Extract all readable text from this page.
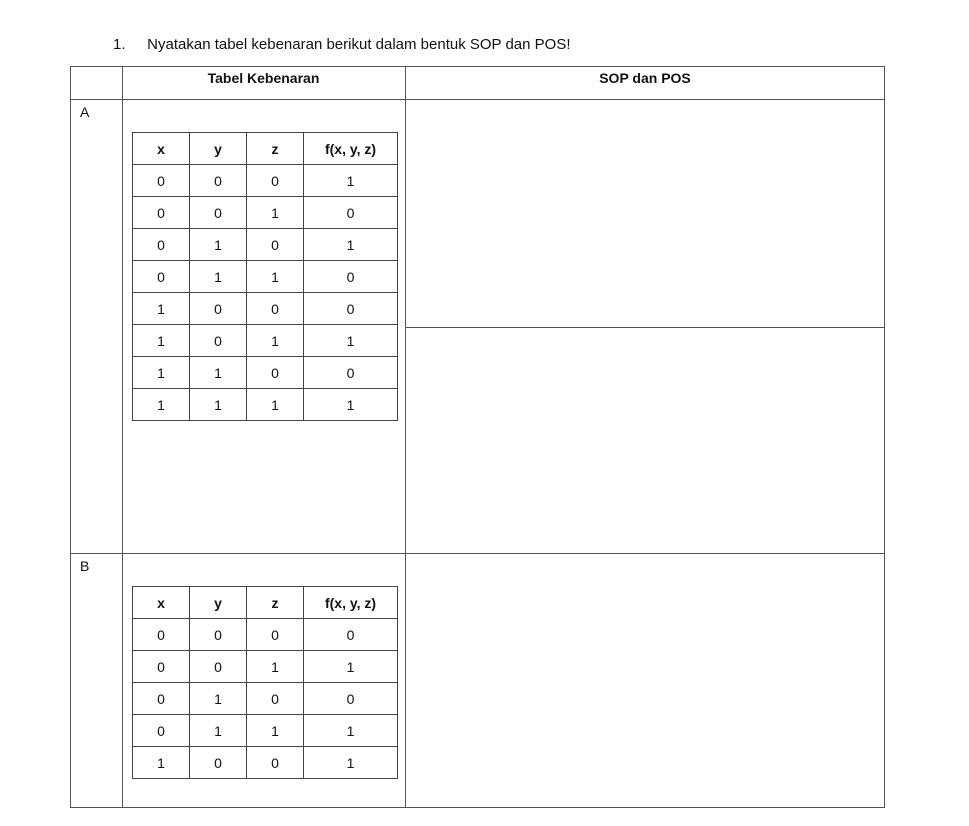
1. Nyatakan tabel kebenaran berikut dalam bentuk SOP dan POS!
Tabel Kebenaran	SOP dan POS
A
B
x	y	z	f(x, y, z)
0	0	0	1
0	0	1	0
0	1	0	1
0	1	1	0
1	0	0	0
1	0	1	1
1	1	0	0
1	1	1	1
x	y	z	f(x, y, z)
0	0	0	0
0	0	1	1
0	1	0	0
0	1	1	1
1	0	0	1
